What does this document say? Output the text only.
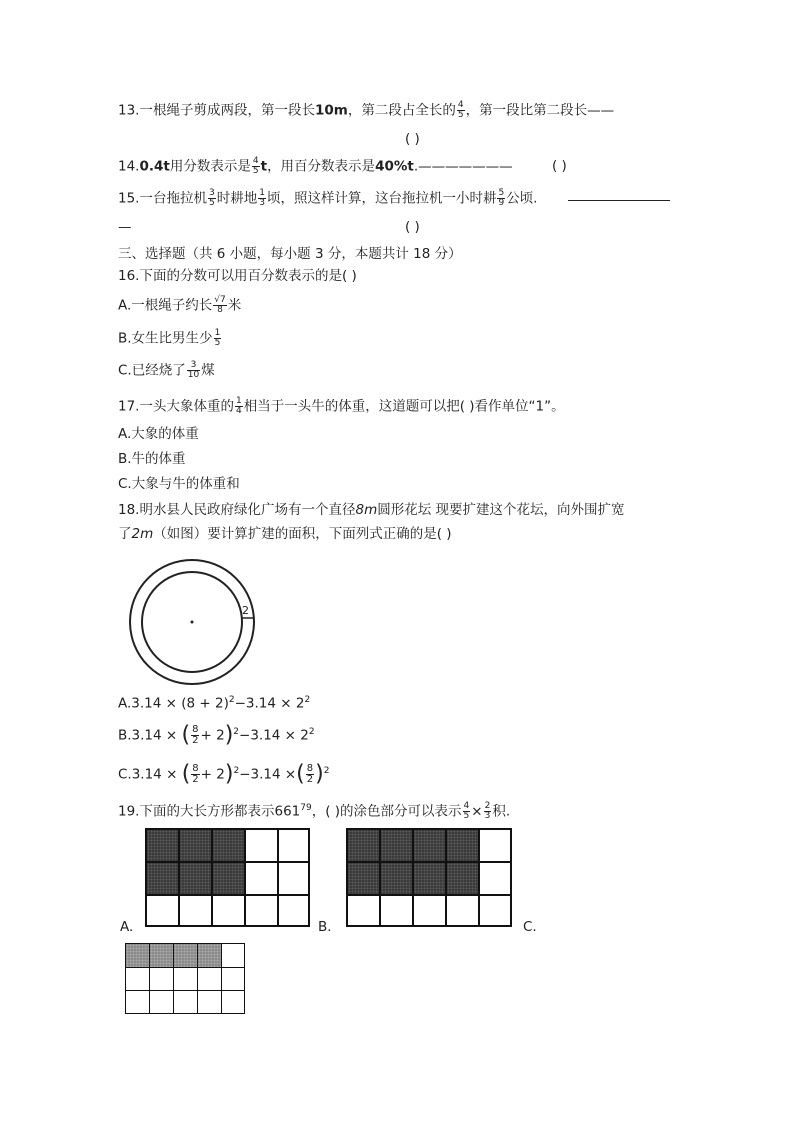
13.一根绳子剪成两段，第一段长10m，第二段占全长的 $\frac{4}{5}$ ，第一段比第二段长——
( )
14.0.4t用分数表示是 $\frac{4}{5}$ t，用百分数表示是40%t.———————	( )
15.一台拖拉机 $\frac{3}{5}$ 时耕地 $\frac{1}{3}$ 顷，照这样计算，这台拖拉机一小时耕 $\frac{5}{9}$ 公顷.
—	( )
三、选择题（共 6 小题，每小题 3 分，本题共计 18 分）
16.下面的分数可以用百分数表示的是( )
A.一根绳子约长 $\frac{√7}{8}$ 米
B.女生比男生少 $\frac{1}{5}$
C.已经烧了 $\frac{3}{10}$ 煤
17.一头大象体重的 $\frac{1}{4}$ 相当于一头牛的体重，这道题可以把( )看作单位“1”。
A.大象的体重
B.牛的体重
C.大象与牛的体重和
18.明水县人民政府绿化广场有一个直径8m圆形花坛 现要扩建这个花坛，向外围扩宽
了2m（如图）要计算扩建的面积，下面列式正确的是( )
2
$A.3.14 \times (8 + 2)^2-3.14 \times 2^2$
B.3.14 × ( $\frac{8}{2} + 2)^2-3.14 \times 2^2$
C.3.14 × ( $\frac{8}{2} + 2)^2-3.14$ ×( $\frac{8}{2} )^2$
19.下面的大长方形都表示$661^{79}$，( )的涂色部分可以表示 $\frac{4}{5} \times \frac{2}{3}$ 积.
A.	B.	C.
